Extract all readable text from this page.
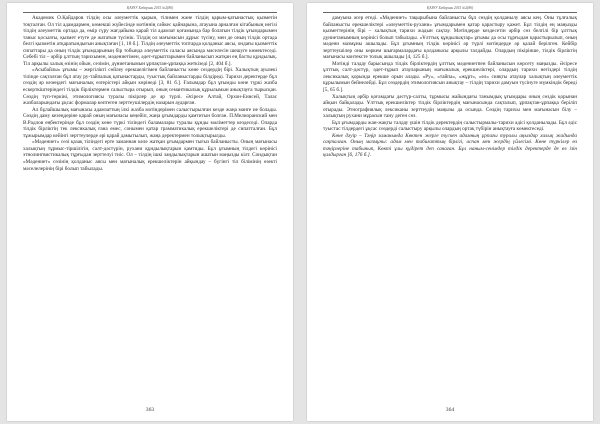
ҚАЗҰУ Хабаршы 2015 №2(8б)

Академик О.Қайдаров тілдің осы әлеуметтік қырын, тілимен және тілдің қарым-қатынастық қызметін тоқталған. Ол тіл адамдармен, көмекші жүйесінде мәтіннің сәйкес қайнарына, атауына арналған кітабының негізі тілдің әлеуметтік ортада да, өмір сүру жағдайына қарай тіл адамзат қоғамында бар болатын тілдік ұғымдарымен таныс қосылғы, қызмет етуге де жататын түсінік. Тілдің ол мағынасын дұрыс түсіну, мен де оның тілдік ортада белгі қызметін атқаратындығын анықтаған [1, 18 б.]. Тілдің әлеуметтік топтарда қолданыс аясы, ондағы қызметтік сипаттары да оның тілдік ұғымдарының бір тобында әлеуметтік саласы аясында мәселесін шешуге көмектеседі. Себебі тіл – әрбір ұлттың тарихымен, мәдениетімен, әдет-ғұрыптарымен байланысып жатқан ең басты құндылық. Тіл арқылы халық өзінің ойын, сезімін, дүниетанымын ұрпақтан-ұрпаққа жеткізеді [2, 404 б.].

«Асыбайлы» ұғымы – жергілікті сөйлеу ерекшелігімен байланысты көне сөздердің бірі. Халықтың ауызекі тілінде сақталған бұл атау ру-тайпалық қатынастарды, туыстық байланыстарды білдіреді. Тарихи деректерде бұл сөздің әр кезеңдегі мағыналық өзгерістері айқын көрінеді [3, 81 б.]. Ғалымдар бұл ұғымды көне түркі жазба ескерткіштеріндегі тілдік бірліктермен салыстыра отырып, оның семантикалық құрылымын анықтауға тырысқан. Сөздің түп-төркіні, этимологиясы туралы пікірлер де әр түрлі. Әсіресе Алтай, Орхон-Енисей, Талас жазбаларындағы ұқсас формалар көптеген зерттеушілердің назарын аударған.

Ал бұлайшылық мағынасы адамзаттың ілкі жазба мәтіндерімен салыстырылған кезде жаңа мәнге ие болады. Сөздің даму кезеңдеріне қарай оның мағынасы кеңейіп, жаңа ұғымдарды қамтитын болған. П.Мелиоранский мен В.Радлов еңбектерінде бұл сөздің көне түркі тіліндегі баламалары туралы құнды мәліметтер кездеседі. Оларда тілдік бірліктің тек лексикалық ғана емес, сонымен қатар грамматикалық ерекшеліктері де сипатталған. Бұл тұжырымдар кейінгі зерттеулерде әрі қарай дамытылып, жаңа деректермен толықтырылды.

«Мәдениет» сөзі қазақ тіліндегі ерте заманнан келе жатқан ұғымдармен тығыз байланысты. Оның мағынасы халықтың тұрмыс-тіршілігін, салт-дәстүрін, рухани құндылықтарын қамтиды. Бұл ұғымның тілдегі көрінісі этнолингвистикалық тұрғыдан зерттелуі тиіс. Ол – тілдің ішкі заңдылықтарын ашатын маңызды кілт. Сондықтан «Мәдениет» сөзінің қолданыс аясы мен мағыналық ерекшеліктерін айқындау – бүгінгі тіл білімінің өзекті мәселелерінің бірі болып табылады.

363
ҚАЗҰУ Хабаршы 2015 №2(8б)

дамуына әсер етеді. «Мәдениет» тақырыбына байланысты бұл сөздің қолданылу аясы кең. Оны тұлғалық байланысты ерекшеліктері «әлеуметтік-рухани» ұғымдарымен қатар қарастыру қажет. Бұл тілдің ең маңызды қызметтерінің бірі – халықтың тарихи жадын сақтау. Мәтіндерде кездесетін әрбір сөз белгілі бір ұлттық дүниетанымның көрінісі болып табылады. «Ұлттық құндылықтар» ұғымы да осы тұрғыдан қарастырылып, оның мәдени мазмұны ашылады. Бұл ұғымның тілдік көрінісі әр түрлі мәтіндерде әр қалай берілген. Кейбір зерттеушілер оны көркем шығармалардағы қолданысы арқылы талдайды. Олардың пікірінше, тілдік бірліктің мағынасы контексте толық ашылады [4, 125 б.].

Мәтінді талдау барысында тілдік бірліктердің ұлттық мәдениетпен байланысын көрсету маңызды. Әсіресе ұлттық салт-дәстүр, әдет-ғұрып атауларының мағыналық ерекшеліктері, олардың тарихи негіздері тілдің лексикалық қорында ерекше орын алады. «Ру», «тайпа», «жұрт», «ел» сияқты атаулар халықтың әлеуметтік құрылымын бейнелейді. Бұл сөздердің этимологиясын анықтау – тілдің тарихи дамуын түсінуге мүмкіндік береді [5, 65 б.].

Халықтың әрбір қоғамдағы дәстүр-салты, тұрмысы жайындағы танымдық ұғымдары оның сөздік қорынан айқын байқалады. Ұлттық ерекшеліктер тілдік бірліктердің мағынасында сақталып, ұрпақтан-ұрпаққа беріліп отырады. Этнографиялық лексиканы зерттеудің маңызы да осында. Сөздің тарихы мен мағынасын білу – халықтың рухани мұрасын тану деген сөз.

Бұл ұғымдарды жан-жақты талдау үшін тілдік деректердің салыстырмалы-тарихи әдісі қолданылады. Бұл әдіс туыстас тілдердегі ұқсас сөздерді салыстыру арқылы олардың ортақ түбірін анықтауға көмектеседі.

Көне дәуір – Тәңір заманында Көктен жерге түскен адамның ұрпағы туралы аңыздар халық жадында сақталған. Оның мазмұны: адам мен табиғаттың бірлігі, аспан мен жердің үйлесімі. Көне түркілер өз тәңірлеріне табынып, Көкті ұлы құдірет деп санаған. Бұл наным-сенімдер тілдік деректерде де өз ізін қалдырған [6, 176 б.].

364
